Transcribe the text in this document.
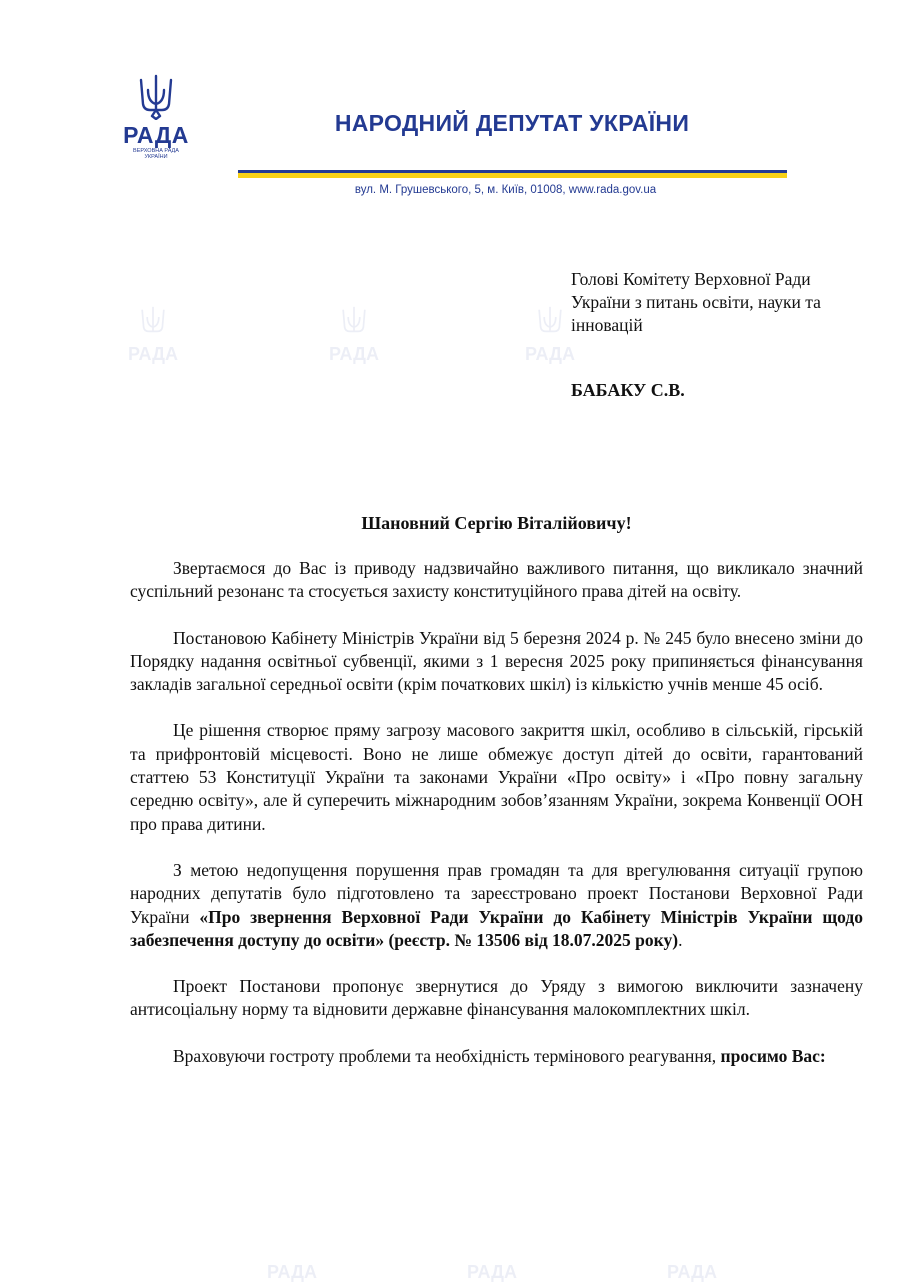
РАДА
ВЕРХОВНА РАДА
УКРАЇНИ
НАРОДНИЙ ДЕПУТАТ УКРАЇНИ
вул. М. Грушевського, 5, м. Київ, 01008, www.rada.gov.ua
РАДА	РАДА	РАДА
РАДА	РАДА	РАДА
Голові Комітету Верховної Ради України з питань освіти, науки та інновацій
БАБАКУ С.В.
Шановний Сергію Віталійовичу!

Звертаємося до Вас із приводу надзвичайно важливого питання, що викликало значний суспільний резонанс та стосується захисту конституційного права дітей на освіту.

Постановою Кабінету Міністрів України від 5 березня 2024 р. № 245 було внесено зміни до Порядку надання освітньої субвенції, якими з 1 вересня 2025 року припиняється фінансування закладів загальної середньої освіти (крім початкових шкіл) із кількістю учнів менше 45 осіб.

Це рішення створює пряму загрозу масового закриття шкіл, особливо в сільській, гірській та прифронтовій місцевості. Воно не лише обмежує доступ дітей до освіти, гарантований статтею 53 Конституції України та законами України «Про освіту» і «Про повну загальну середню освіту», але й суперечить міжнародним зобов’язанням України, зокрема Конвенції ООН про права дитини.

З метою недопущення порушення прав громадян та для врегулювання ситуації групою народних депутатів було підготовлено та зареєстровано проект Постанови Верховної Ради України «Про звернення Верховної Ради України до Кабінету Міністрів України щодо забезпечення доступу до освіти» (реєстр. № 13506 від 18.07.2025 року).

Проект Постанови пропонує звернутися до Уряду з вимогою виключити зазначену антисоціальну норму та відновити державне фінансування малокомплектних шкіл.

Враховуючи гостроту проблеми та необхідність термінового реагування, просимо Вас:
